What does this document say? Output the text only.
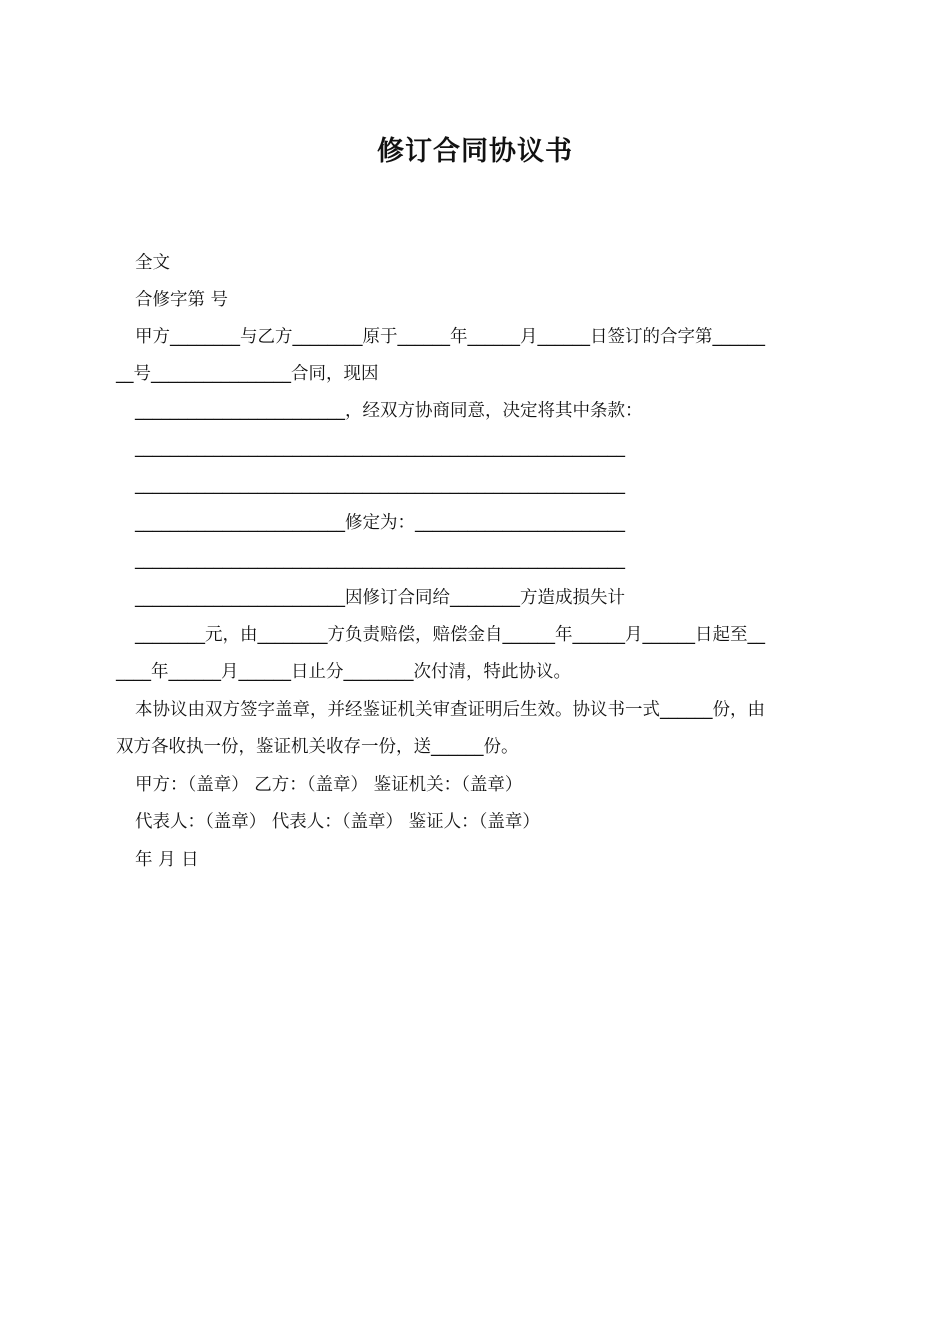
修订合同协议书
全文
合修字第 号
甲方________与乙方________原于______年______月______日签订的合字第______
__号________________合同，现因
________________________，经双方协商同意，决定将其中条款：
________________________________________________________
________________________________________________________
________________________修定为：________________________
________________________________________________________
________________________因修订合同给________方造成损失计
________元，由________方负责赔偿，赔偿金自______年______月______日起至__
____年______月______日止分________次付清，特此协议。
本协议由双方签字盖章，并经鉴证机关审查证明后生效。协议书一式______份，由
双方各收执一份，鉴证机关收存一份，送______份。
甲方：（盖章） 乙方：（盖章） 鉴证机关：（盖章）
代表人：（盖章） 代表人：（盖章） 鉴证人：（盖章）
年 月 日
